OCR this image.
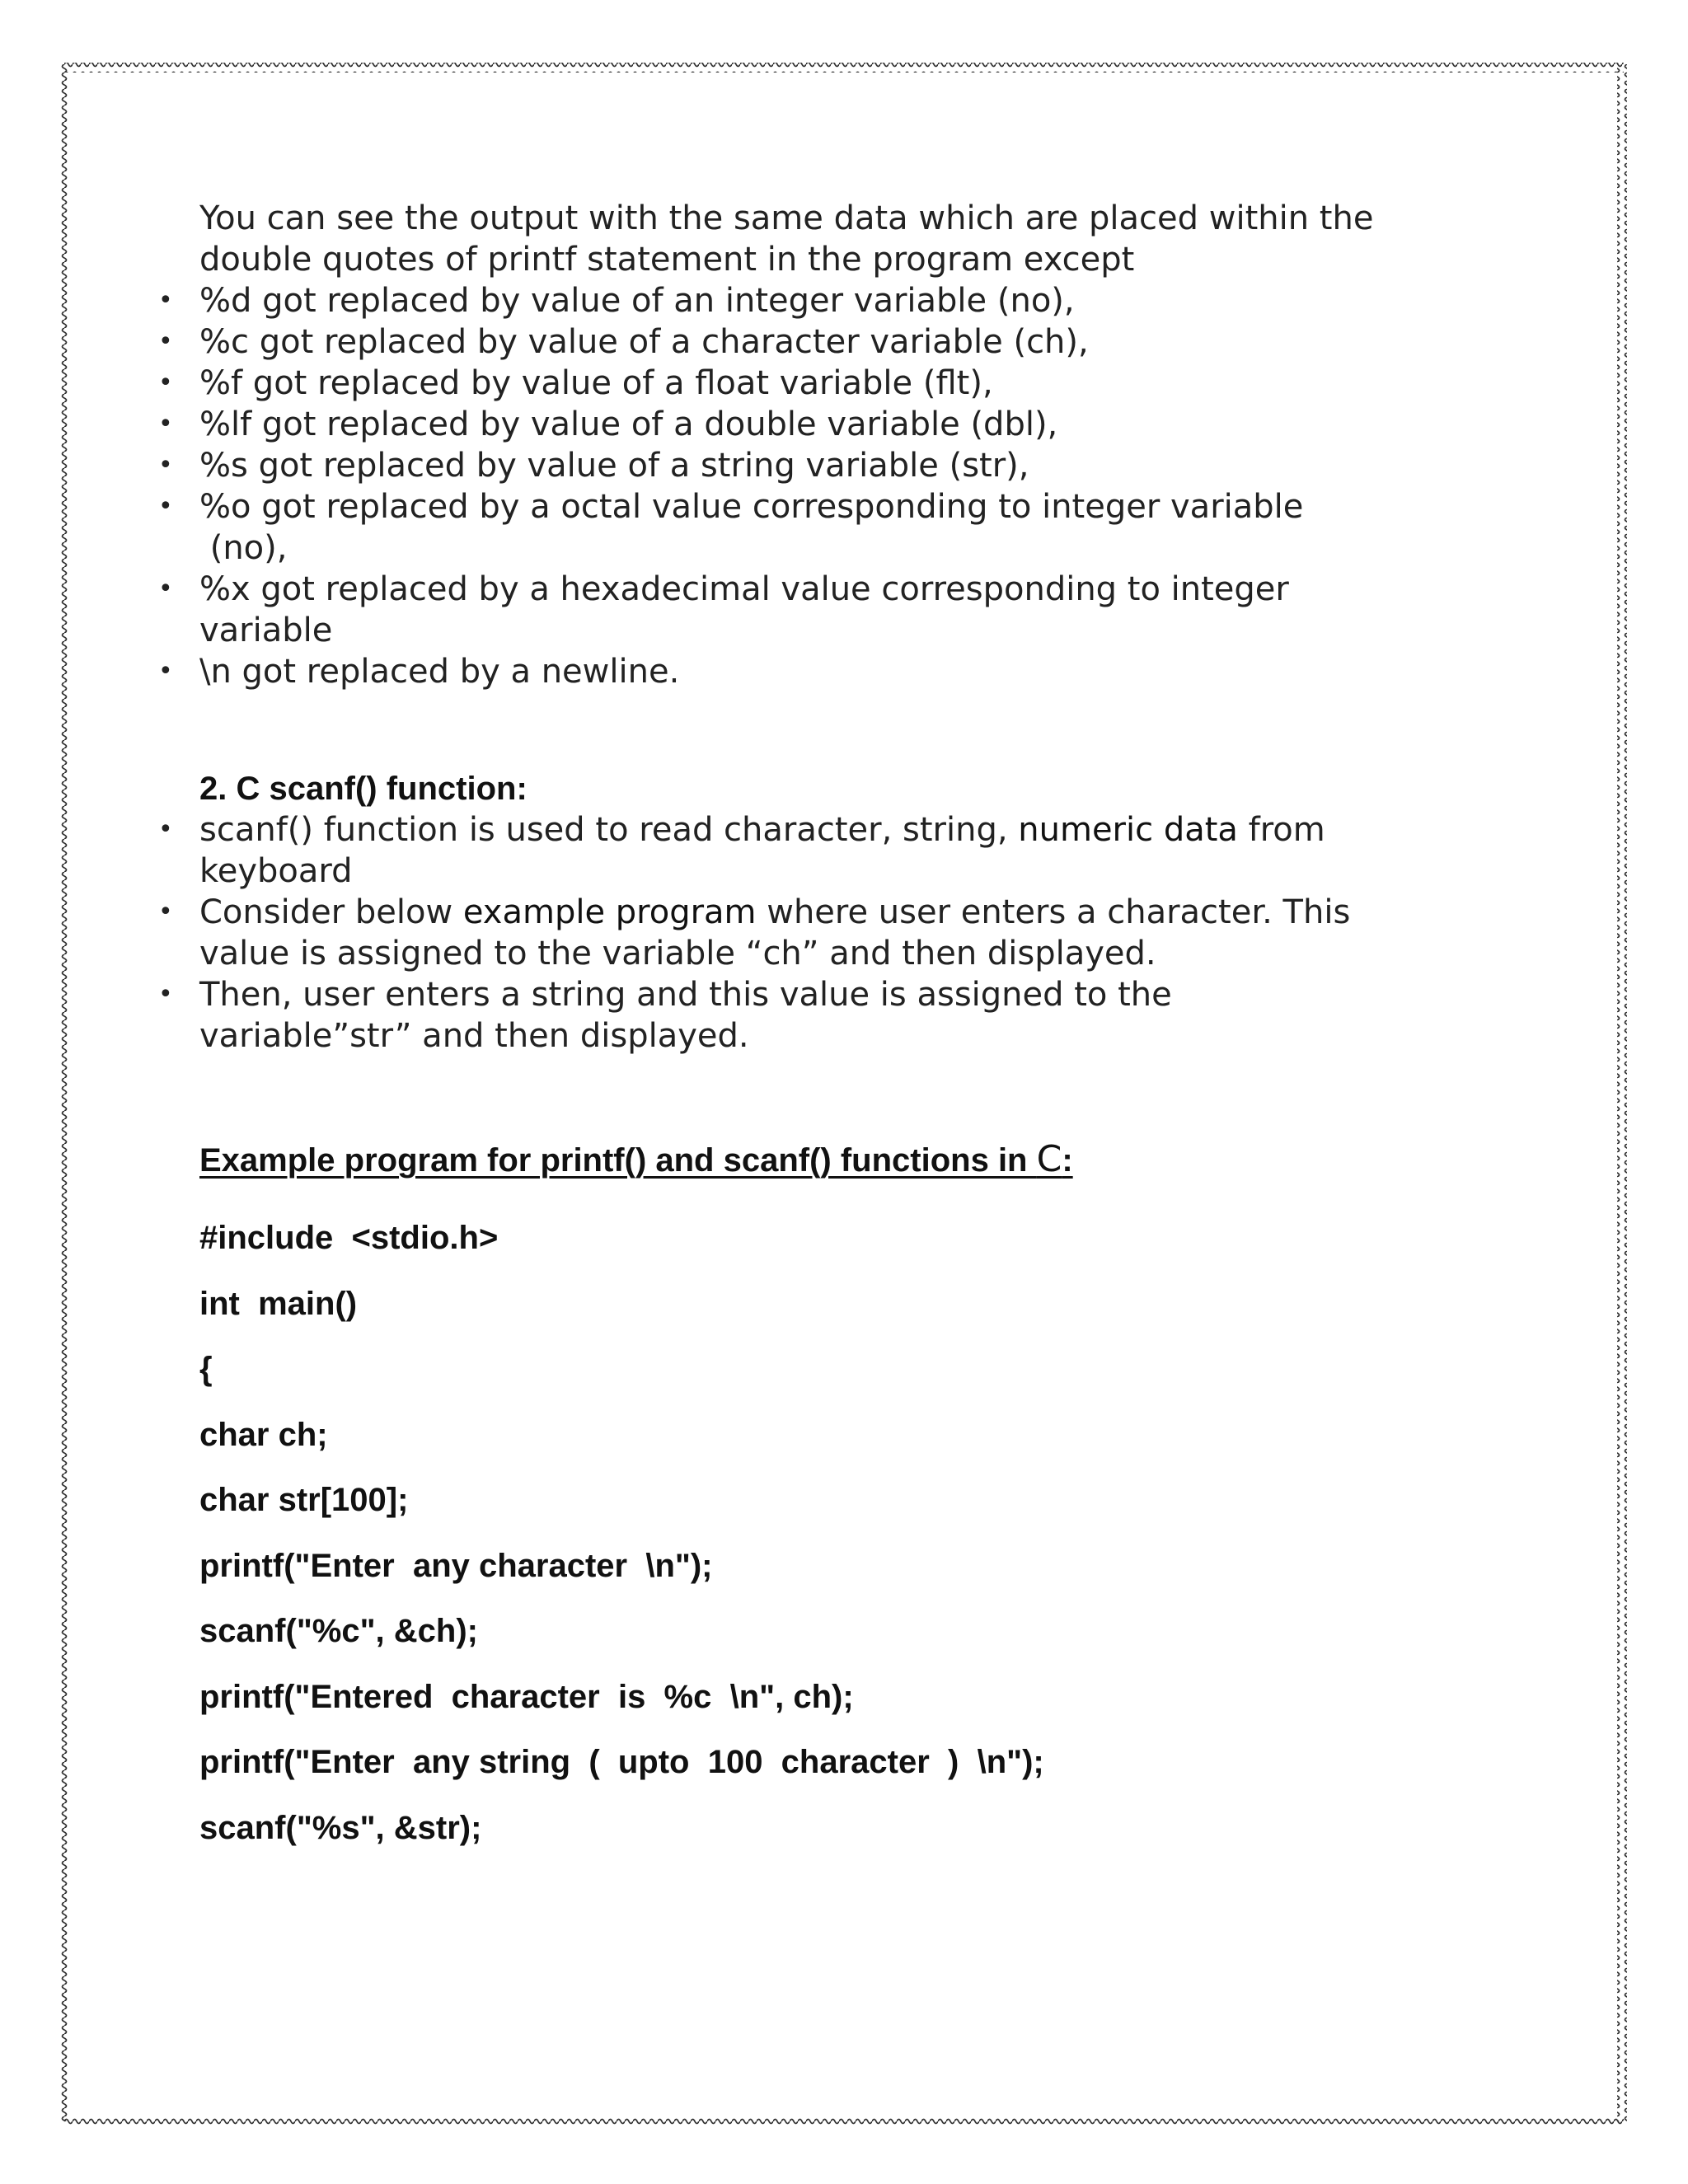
You can see the output with the same data which are placed within the
double quotes of printf statement in the program except

• %d got replaced by value of an integer variable (no),
• %c got replaced by value of a character variable (ch),
• %f got replaced by value of a float variable (flt),
• %lf got replaced by value of a double variable (dbl),
• %s got replaced by value of a string variable (str),
• %o got replaced by a octal value corresponding to integer variable
(no),
• %x got replaced by a hexadecimal value corresponding to integer
variable
• \n got replaced by a newline.
2. C scanf() function:
• scanf() function is used to read character, string, numeric data from
keyboard
• Consider below example program where user enters a character. This
value is assigned to the variable “ch” and then displayed.
• Then, user enters a string and this value is assigned to the
variable”str” and then displayed.
Example program for printf() and scanf() functions in C:
#include  <stdio.h>
int  main()
{
char ch;
char str[100];
printf("Enter  any character  \n");
scanf("%c", &ch);
printf("Entered  character  is  %c  \n", ch);
printf("Enter  any string  (  upto  100  character  )  \n");
scanf("%s", &str);
